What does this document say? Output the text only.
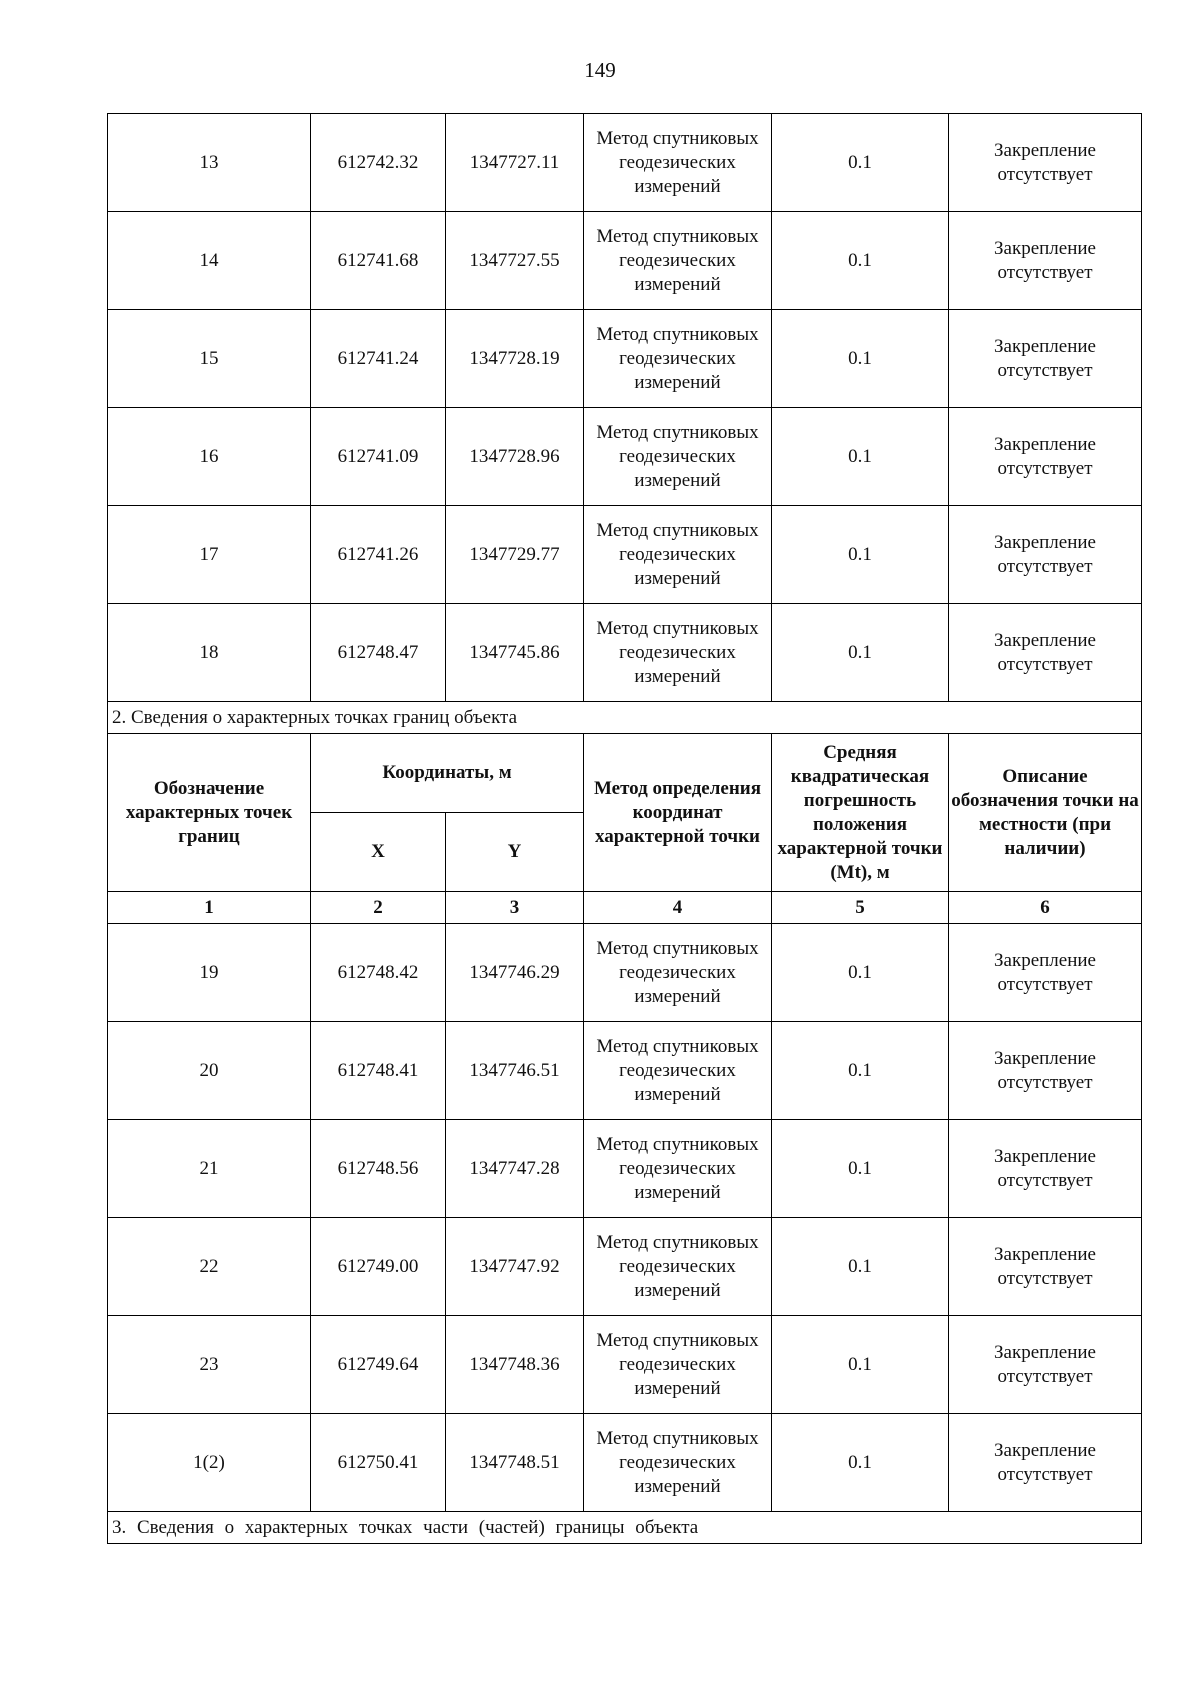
149
13	612742.32	1347727.11	Метод спутниковых геодезических измерений	0.1	Закрепление отсутствует
14	612741.68	1347727.55	Метод спутниковых геодезических измерений	0.1	Закрепление отсутствует
15	612741.24	1347728.19	Метод спутниковых геодезических измерений	0.1	Закрепление отсутствует
16	612741.09	1347728.96	Метод спутниковых геодезических измерений	0.1	Закрепление отсутствует
17	612741.26	1347729.77	Метод спутниковых геодезических измерений	0.1	Закрепление отсутствует
18	612748.47	1347745.86	Метод спутниковых геодезических измерений	0.1	Закрепление отсутствует
2. Сведения о характерных точках границ объекта					
Обозначение характерных точек границ	Координаты, м		Метод определения координат характерной точки	Средняя квадратическая погрешность положения характерной точки (Mt), м	Описание обозначения точки на местности (при наличии)
	X	Y			
1	2	3	4	5	6
19	612748.42	1347746.29	Метод спутниковых геодезических измерений	0.1	Закрепление отсутствует
20	612748.41	1347746.51	Метод спутниковых геодезических измерений	0.1	Закрепление отсутствует
21	612748.56	1347747.28	Метод спутниковых геодезических измерений	0.1	Закрепление отсутствует
22	612749.00	1347747.92	Метод спутниковых геодезических измерений	0.1	Закрепление отсутствует
23	612749.64	1347748.36	Метод спутниковых геодезических измерений	0.1	Закрепление отсутствует
1(2)	612750.41	1347748.51	Метод спутниковых геодезических измерений	0.1	Закрепление отсутствует
3. Сведения о характерных точках части (частей) границы объекта					
